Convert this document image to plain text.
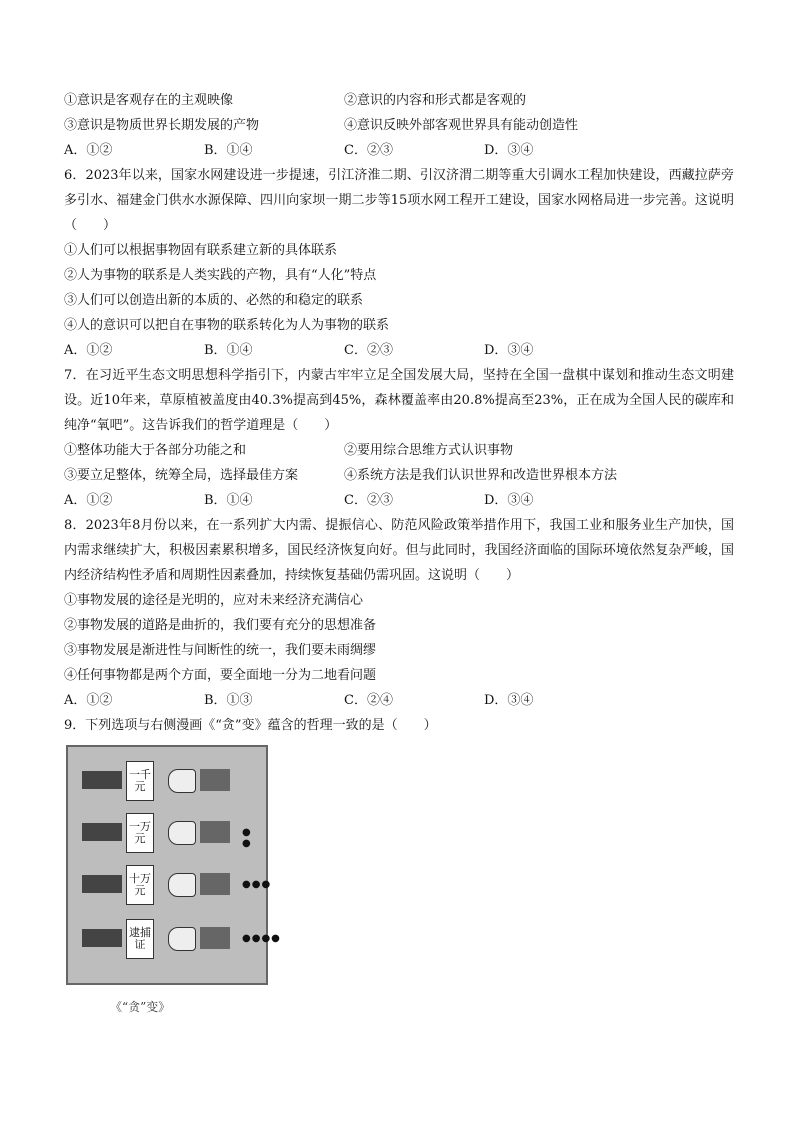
①意识是客观存在的主观映像	②意识的内容和形式都是客观的
③意识是物质世界长期发展的产物	④意识反映外部客观世界具有能动创造性
A．①②	B．①④	C．②③	D．③④
6．2023年以来，国家水网建设进一步提速，引江济淮二期、引汉济渭二期等重大引调水工程加快建设，西藏拉萨旁多引水、福建金门供水水源保障、四川向家坝一期二步等15项水网工程开工建设，国家水网格局进一步完善。这说明（　　）
①人们可以根据事物固有联系建立新的具体联系
②人为事物的联系是人类实践的产物，具有“人化”特点
③人们可以创造出新的本质的、必然的和稳定的联系
④人的意识可以把自在事物的联系转化为人为事物的联系
A．①②	B．①④	C．②③	D．③④
7．在习近平生态文明思想科学指引下，内蒙古牢牢立足全国发展大局，坚持在全国一盘棋中谋划和推动生态文明建设。近10年来，草原植被盖度由40.3%提高到45%，森林覆盖率由20.8%提高至23%，正在成为全国人民的碳库和纯净“氧吧”。这告诉我们的哲学道理是（　　）
①整体功能大于各部分功能之和	②要用综合思维方式认识事物
③要立足整体，统筹全局，选择最佳方案	④系统方法是我们认识世界和改造世界根本方法
A．①②	B．①④	C．②③	D．③④
8．2023年8月份以来，在一系列扩大内需、提振信心、防范风险政策举措作用下，我国工业和服务业生产加快，国内需求继续扩大，积极因素累积增多，国民经济恢复向好。但与此同时，我国经济面临的国际环境依然复杂严峻，国内经济结构性矛盾和周期性因素叠加，持续恢复基础仍需巩固。这说明（　　）
①事物发展的途径是光明的，应对未来经济充满信心
②事物发展的道路是曲折的，我们要有充分的思想准备
③事物发展是渐进性与间断性的统一，我们要未雨绸缪
④任何事物都是两个方面，要全面地一分为二地看问题
A．①②	B．①③	C．②④	D．③④
9．下列选项与右侧漫画《“贪”变》蕴含的哲理一致的是（　　）
一千元
一万元	● ●
十万元	●●●
逮捕证	●●●●
《“贪”变》
